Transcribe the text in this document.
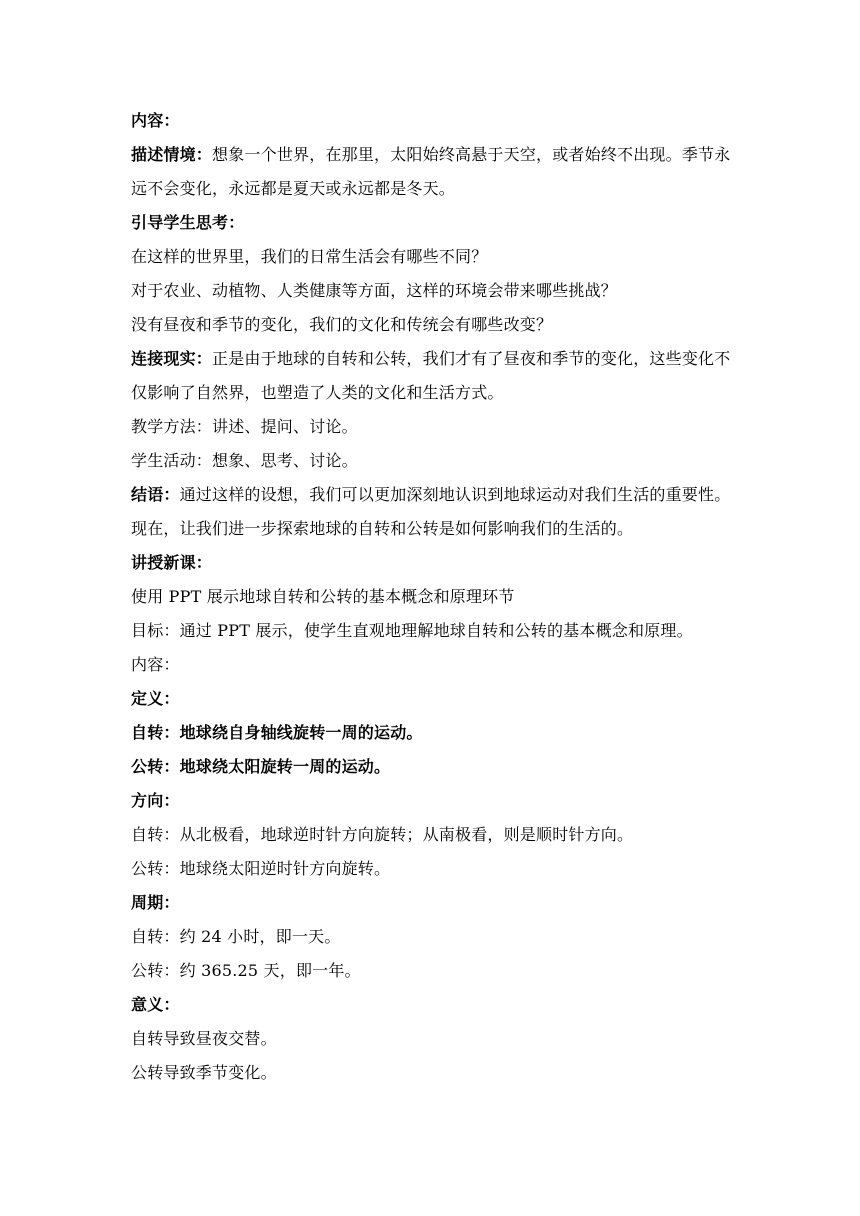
内容：

描述情境：想象一个世界，在那里，太阳始终高悬于天空，或者始终不出现。季节永远不会变化，永远都是夏天或永远都是冬天。

引导学生思考：

在这样的世界里，我们的日常生活会有哪些不同？

对于农业、动植物、人类健康等方面，这样的环境会带来哪些挑战？

没有昼夜和季节的变化，我们的文化和传统会有哪些改变？

连接现实：正是由于地球的自转和公转，我们才有了昼夜和季节的变化，这些变化不仅影响了自然界，也塑造了人类的文化和生活方式。

教学方法：讲述、提问、讨论。

学生活动：想象、思考、讨论。

结语：通过这样的设想，我们可以更加深刻地认识到地球运动对我们生活的重要性。现在，让我们进一步探索地球的自转和公转是如何影响我们的生活的。

讲授新课：

使用 PPT 展示地球自转和公转的基本概念和原理环节

目标：通过 PPT 展示，使学生直观地理解地球自转和公转的基本概念和原理。

内容：

定义：

自转：地球绕自身轴线旋转一周的运动。

公转：地球绕太阳旋转一周的运动。

方向：

自转：从北极看，地球逆时针方向旋转；从南极看，则是顺时针方向。

公转：地球绕太阳逆时针方向旋转。

周期：

自转：约 24 小时，即一天。

公转：约 365.25 天，即一年。

意义：

自转导致昼夜交替。

公转导致季节变化。
